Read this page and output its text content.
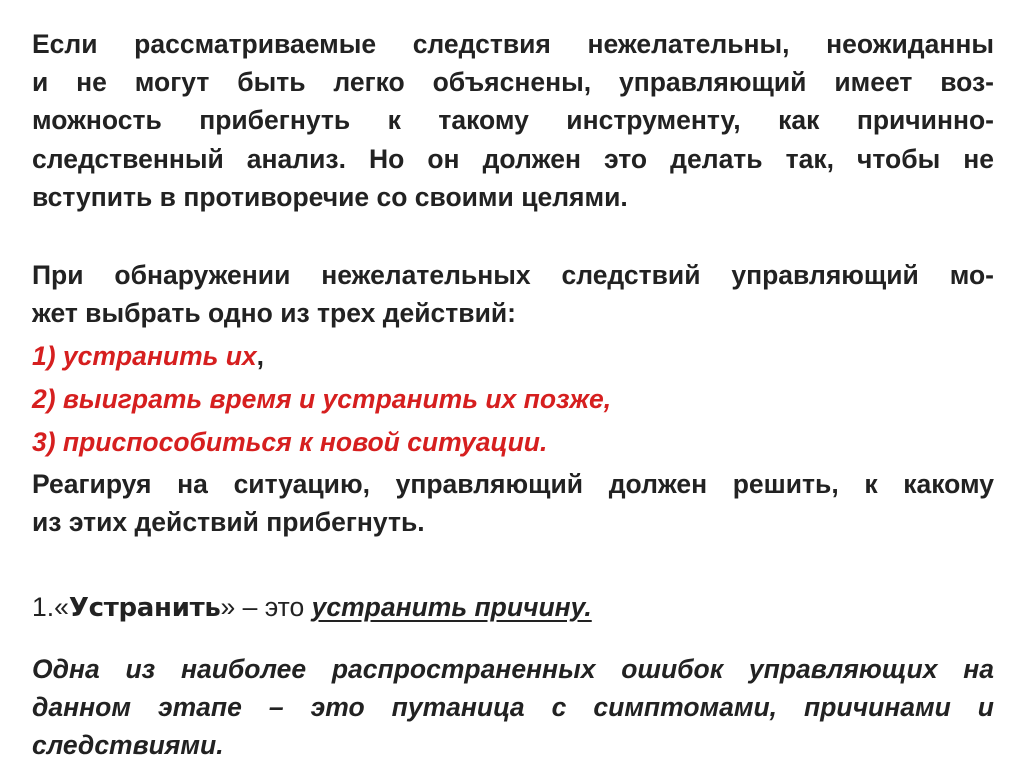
Если рассматриваемые следствия нежелательны, неожиданны
и не могут быть легко объяснены, управляющий имеет воз-
можность прибегнуть к такому инструменту, как причинно-
следственный анализ. Но он должен это делать так, чтобы не
вступить в противоречие со своими целями.

При обнаружении нежелательных следствий управляющий мо-
жет выбрать одно из трех действий:

1) устранить их,

2) выиграть время и устранить их позже,

3) приспособиться к новой ситуации.

Реагируя на ситуацию, управляющий должен решить, к какому
из этих действий прибегнуть.

1.«Устранить» – это устранить причину.

Одна из наиболее распространенных ошибок управляющих на
данном этапе – это путаница с симптомами, причинами и
следствиями.
